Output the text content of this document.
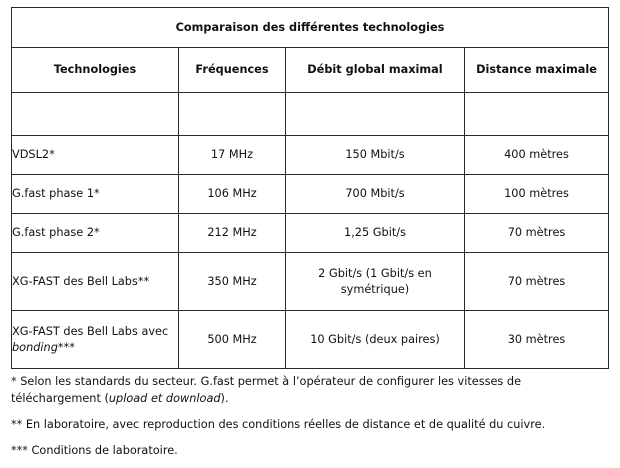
Comparaison des différentes technologies			
Technologies	Fréquences	Débit global maximal	Distance maximale

VDSL2*	17 MHz	150 Mbit/s	400 mètres
G.fast phase 1*	106 MHz	700 Mbit/s	100 mètres
G.fast phase 2*	212 MHz	1,25 Gbit/s	70 mètres
XG-FAST des Bell Labs**	350 MHz	2 Gbit/s (1 Gbit/s en symétrique)	70 mètres
XG-FAST des Bell Labs avec bonding***	500 MHz	10 Gbit/s (deux paires)	30 mètres

* Selon les standards du secteur. G.fast permet à l’opérateur de configurer les vitesses de téléchargement (upload et download).

** En laboratoire, avec reproduction des conditions réelles de distance et de qualité du cuivre.

*** Conditions de laboratoire.
